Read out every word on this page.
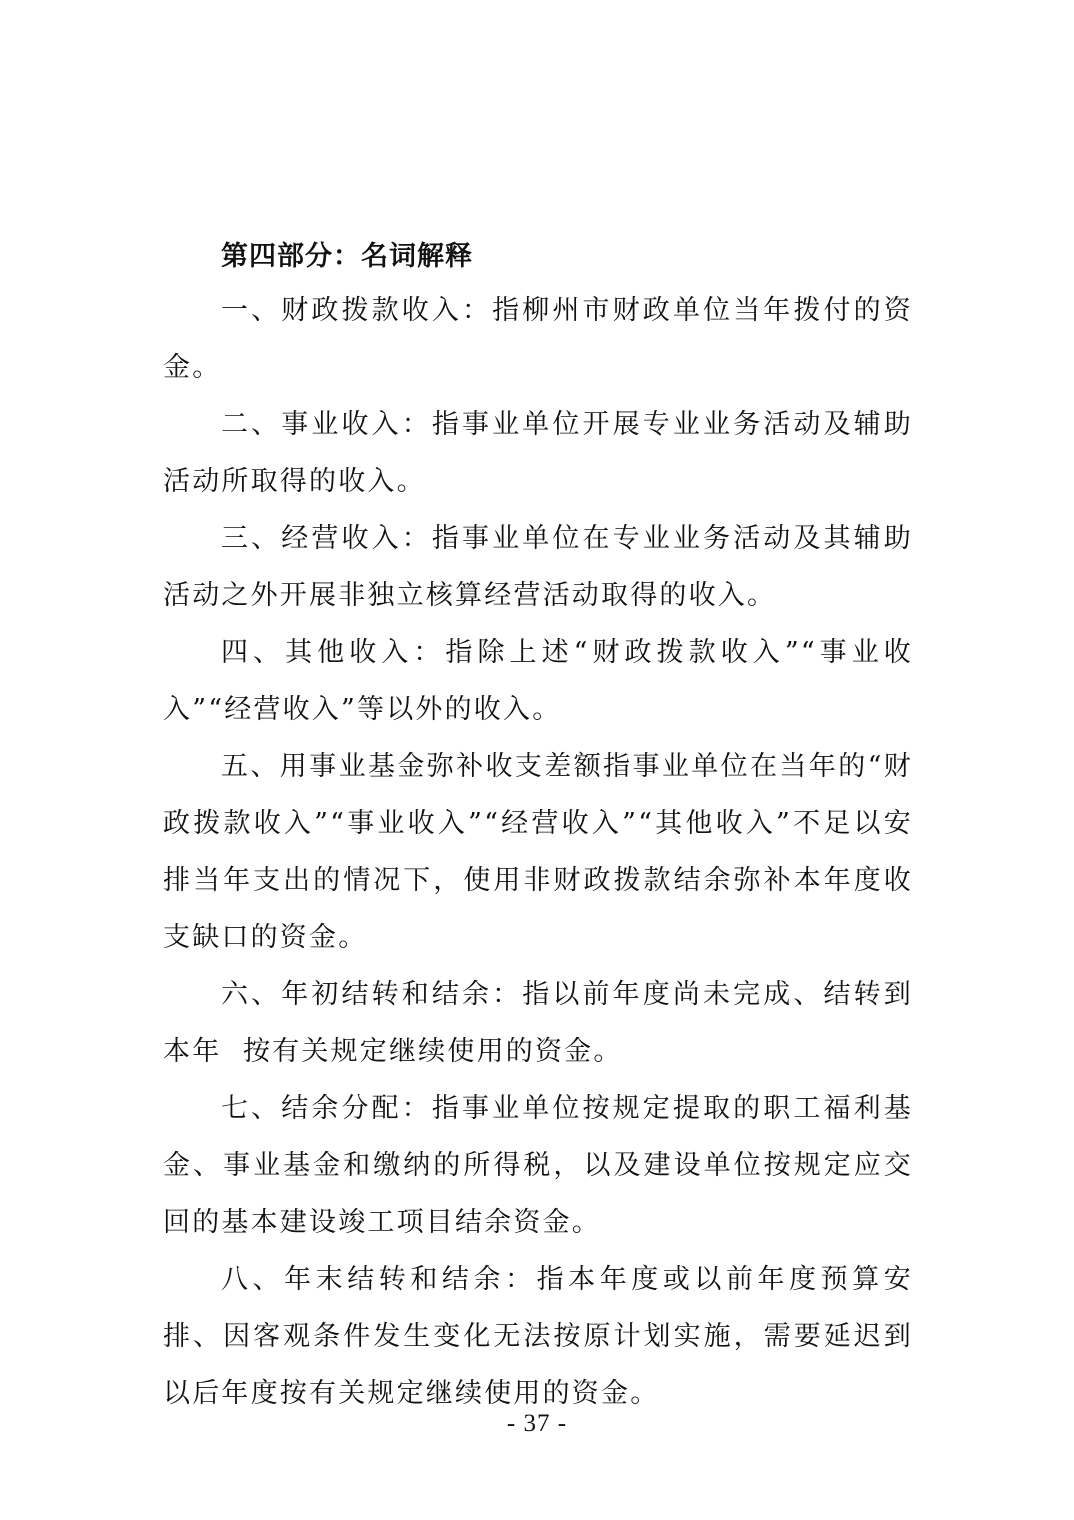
第四部分：名词解释

一、财政拨款收入：指柳州市财政单位当年拨付的资金。

二、事业收入：指事业单位开展专业业务活动及辅助活动所取得的收入。

三、经营收入：指事业单位在专业业务活动及其辅助活动之外开展非独立核算经营活动取得的收入。

四、其他收入：指除上述“财政拨款收入”“事业收入”“经营收入”等以外的收入。

五、用事业基金弥补收支差额指事业单位在当年的“财政拨款收入”“事业收入”“经营收入”“其他收入”不足以安排当年支出的情况下，使用非财政拨款结余弥补本年度收支缺口的资金。

六、年初结转和结余：指以前年度尚未完成、结转到本年  按有关规定继续使用的资金。

七、结余分配：指事业单位按规定提取的职工福利基金、事业基金和缴纳的所得税，以及建设单位按规定应交回的基本建设竣工项目结余资金。

八、年末结转和结余：指本年度或以前年度预算安排、因客观条件发生变化无法按原计划实施，需要延迟到以后年度按有关规定继续使用的资金。

- 37 -
